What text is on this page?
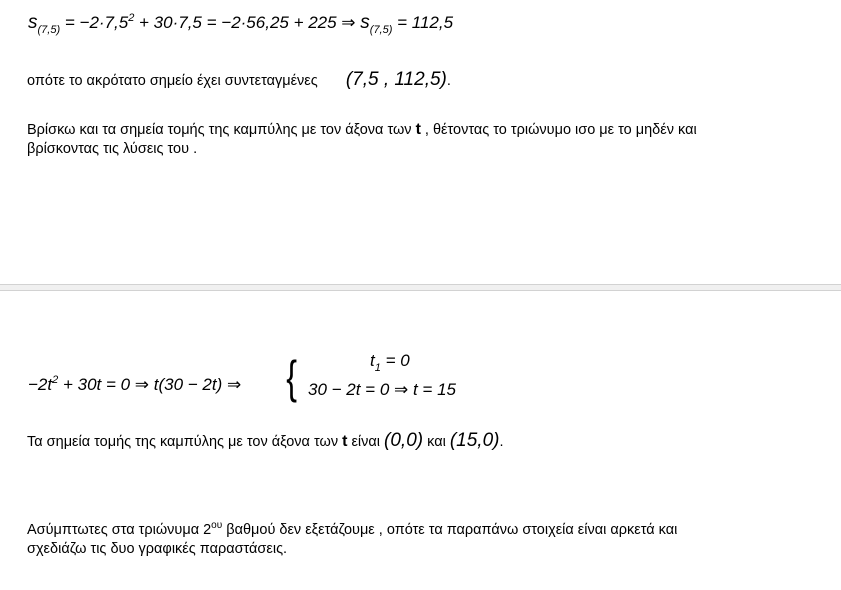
$s_{(7,5)} = -2\cdot 7,5^2 + 30\cdot 7,5 = -2\cdot 56,25 + 225$ ⇒ $s_{(7,5)} = 112,5$
οπότε το ακρότατο σημείο έχει συντεταγμένες (7,5 , 112,5).
Βρίσκω και τα σημεία τομής της καμπύλης με τον άξονα των t , θέτοντας το τριώνυμο ισο με το μηδέν και
βρίσκοντας τις λύσεις του .
$-2t^2 + 30t = 0$ ⇒ t(30 − 2t) ⇒ {	$t_1 = 0$
30 − 2t = 0 ⇒ t = 15
Τα σημεία τομής της καμπύλης με τον άξονα των t είναι (0,0) και (15,0).
Ασύμπτωτες στα τριώνυμα $2^{o\upsilon}$ βαθμού δεν εξετάζουμε , οπότε τα παραπάνω στοιχεία είναι αρκετά και
σχεδιάζω τις δυο γραφικές παραστάσεις.
